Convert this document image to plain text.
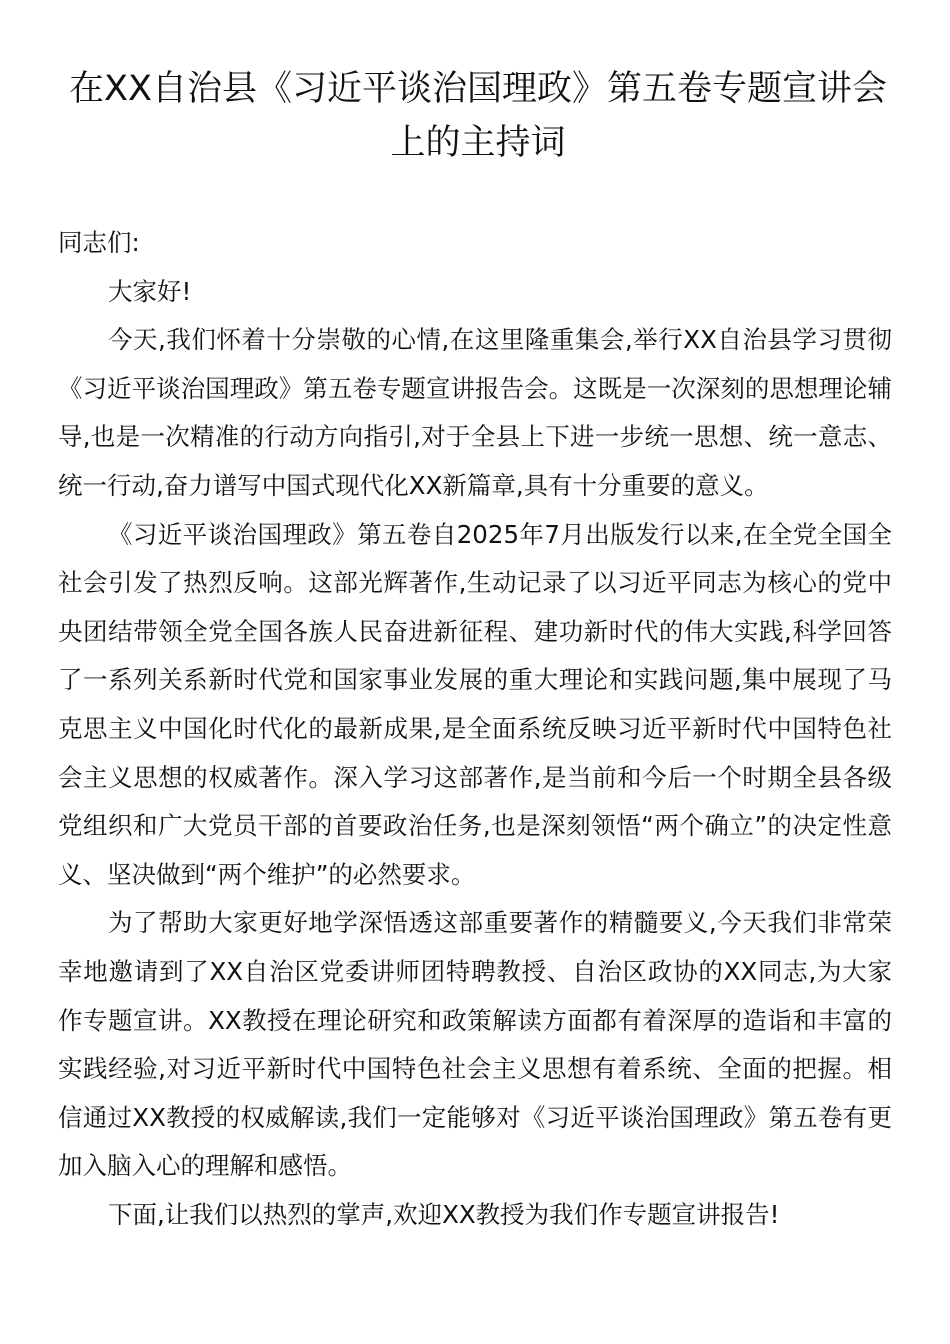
在XX自治县《习近平谈治国理政》第五卷专题宣讲会上的主持词

同志们:

大家好!

今天,我们怀着十分崇敬的心情,在这里隆重集会,举行XX自治县学习贯彻《习近平谈治国理政》第五卷专题宣讲报告会。这既是一次深刻的思想理论辅导,也是一次精准的行动方向指引,对于全县上下进一步统一思想、统一意志、统一行动,奋力谱写中国式现代化XX新篇章,具有十分重要的意义。

《习近平谈治国理政》第五卷自2025年7月出版发行以来,在全党全国全社会引发了热烈反响。这部光辉著作,生动记录了以习近平同志为核心的党中央团结带领全党全国各族人民奋进新征程、建功新时代的伟大实践,科学回答了一系列关系新时代党和国家事业发展的重大理论和实践问题,集中展现了马克思主义中国化时代化的最新成果,是全面系统反映习近平新时代中国特色社会主义思想的权威著作。深入学习这部著作,是当前和今后一个时期全县各级党组织和广大党员干部的首要政治任务,也是深刻领悟“两个确立”的决定性意义、坚决做到“两个维护”的必然要求。

为了帮助大家更好地学深悟透这部重要著作的精髓要义,今天我们非常荣幸地邀请到了XX自治区党委讲师团特聘教授、自治区政协的XX同志,为大家作专题宣讲。XX教授在理论研究和政策解读方面都有着深厚的造诣和丰富的实践经验,对习近平新时代中国特色社会主义思想有着系统、全面的把握。相信通过XX教授的权威解读,我们一定能够对《习近平谈治国理政》第五卷有更加入脑入心的理解和感悟。

下面,让我们以热烈的掌声,欢迎XX教授为我们作专题宣讲报告!
